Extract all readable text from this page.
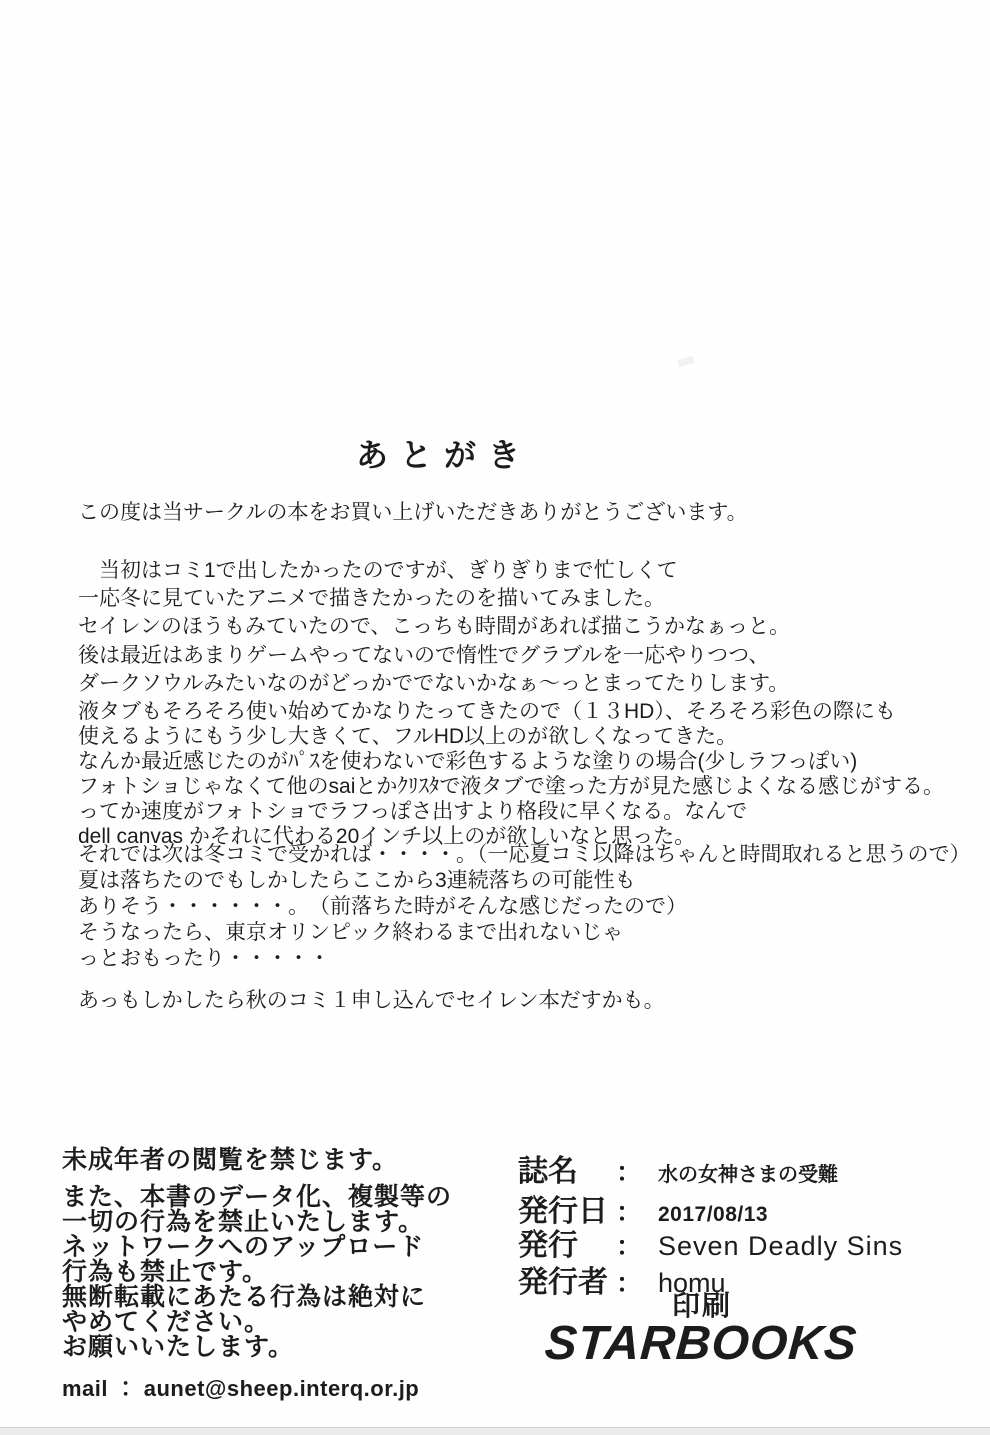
あとがき
この度は当サークルの本をお買い上げいただきありがとうございます。
　当初はコミ1で出したかったのですが、ぎりぎりまで忙しくて
一応冬に見ていたアニメで描きたかったのを描いてみました。
セイレンのほうもみていたので、こっちも時間があれば描こうかなぁっと。
後は最近はあまりゲームやってないので惰性でグラブルを一応やりつつ、
ダークソウルみたいなのがどっかででないかなぁ～っとまってたりします。
液タブもそろそろ使い始めてかなりたってきたので（１３HD）、そろそろ彩色の際にも
使えるようにもう少し大きくて、フルHD以上のが欲しくなってきた。
なんか最近感じたのがﾊﾟｽを使わないで彩色するような塗りの場合(少しラフっぽい)
フォトショじゃなくて他のsaiとかｸﾘｽﾀで液タブで塗った方が見た感じよくなる感じがする。
ってか速度がフォトショでラフっぽさ出すより格段に早くなる。なんで
dell canvas かそれに代わる20インチ以上のが欲しいなと思った。
それでは次は冬コミで受かれば・・・・。（一応夏コミ以降はちゃんと時間取れると思うので）
夏は落ちたのでもしかしたらここから3連続落ちの可能性も
ありそう・・・・・・。　（前落ちた時がそんな感じだったので）
そうなったら、東京オリンピック終わるまで出れないじゃ
っとおもったり・・・・・
あっもしかしたら秋のコミ１申し込んでセイレン本だすかも。
未成年者の閲覧を禁じます。
また、本書のデータ化、複製等の
一切の行為を禁止いたします。
ネットワークへのアップロード
行為も禁止です。
無断転載にあたる行為は絶対に
やめてください。
お願いいたします。
mail ： aunet@sheep.interq.or.jp
誌名	： 水の女神さまの受難
発行日 ： 2017/08/13
発行	： Seven Deadly Sins
発行者 ： homu
印刷
STARBOOKS
